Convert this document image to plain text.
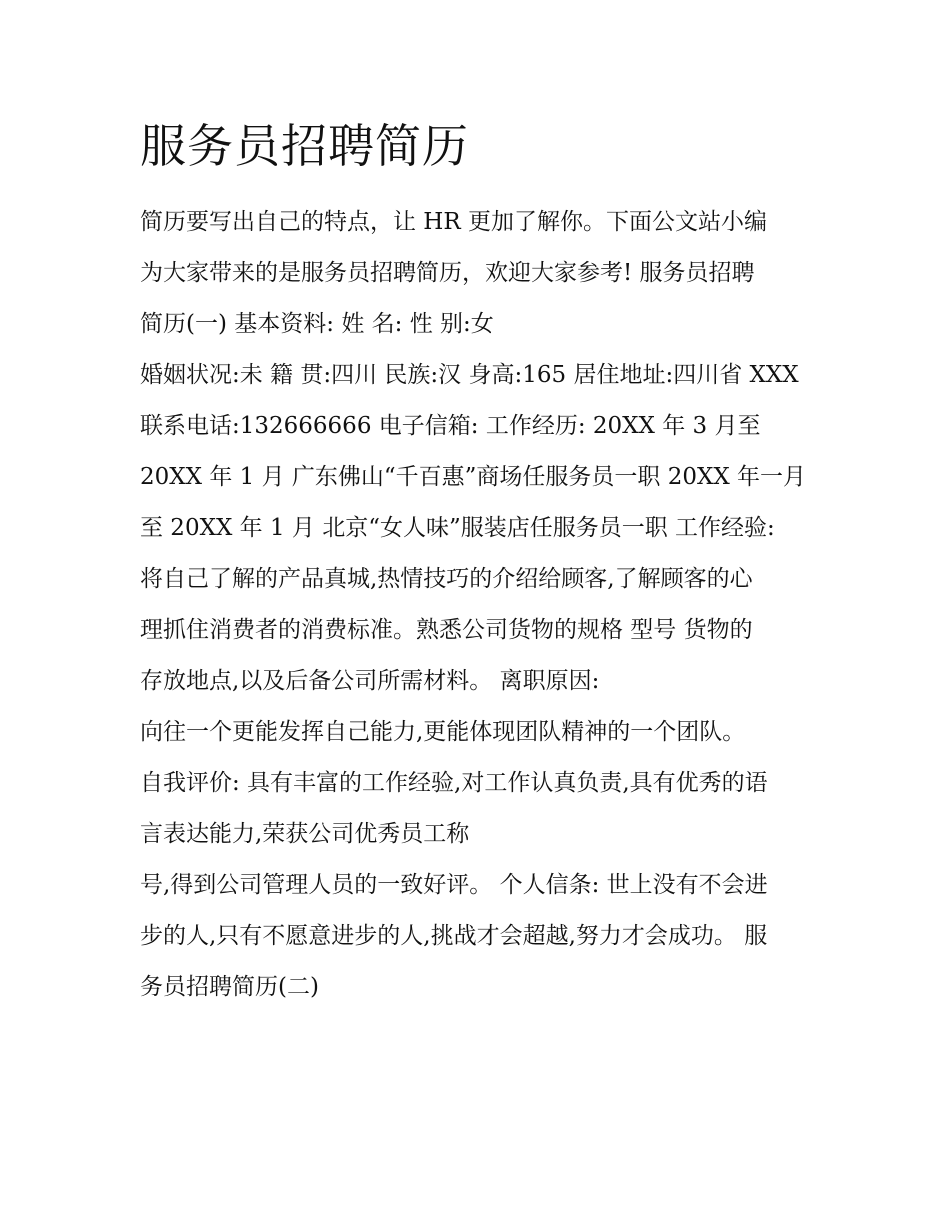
服务员招聘简历
简历要写出自己的特点，让 HR 更加了解你。下面公文站小编
为大家带来的是服务员招聘简历，欢迎大家参考! 服务员招聘
简历(一) 基本资料: 姓 名: 性 别:女
婚姻状况:未 籍 贯:四川 民族:汉 身高:165 居住地址:四川省 XXX
联系电话:132666666 电子信箱: 工作经历: 20XX 年 3 月至
20XX 年 1 月 广东佛山“千百惠”商场任服务员一职 20XX 年一月
至 20XX 年 1 月 北京“女人味”服装店任服务员一职 工作经验:
将自己了解的产品真城,热情技巧的介绍给顾客,了解顾客的心
理抓住消费者的消费标准。熟悉公司货物的规格 型号 货物的
存放地点,以及后备公司所需材料。 离职原因:
向往一个更能发挥自己能力,更能体现团队精神的一个团队。
自我评价: 具有丰富的工作经验,对工作认真负责,具有优秀的语
言表达能力,荣获公司优秀员工称
号,得到公司管理人员的一致好评。 个人信条: 世上没有不会进
步的人,只有不愿意进步的人,挑战才会超越,努力才会成功。 服
务员招聘简历(二)
